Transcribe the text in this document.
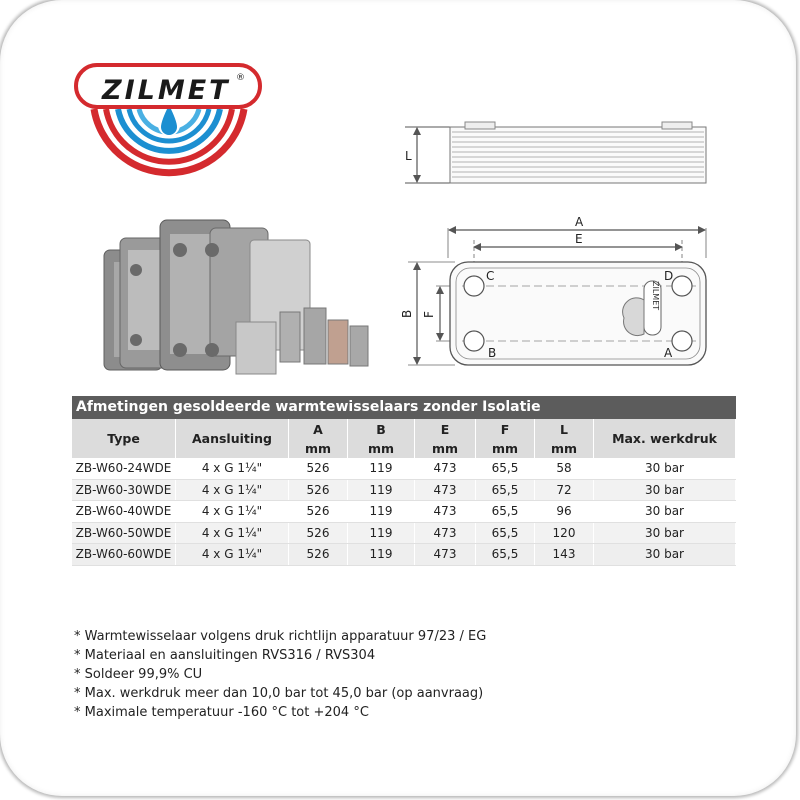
ZILMET ®
L
A
E
B F
C	D
B	A
ZILMET
Afmetingen gesoldeerde warmtewisselaars zonder Isolatie
Type	Aansluiting	A	B	E	F	L	Max. werkdruk
		mm	mm	mm	mm	mm	
ZB-W60-24WDE	4 x G 1¼"	526	119	473	65,5	58	30 bar
ZB-W60-30WDE	4 x G 1¼"	526	119	473	65,5	72	30 bar
ZB-W60-40WDE	4 x G 1¼"	526	119	473	65,5	96	30 bar
ZB-W60-50WDE	4 x G 1¼"	526	119	473	65,5	120	30 bar
ZB-W60-60WDE	4 x G 1¼"	526	119	473	65,5	143	30 bar
* Warmtewisselaar volgens druk richtlijn apparatuur 97/23 / EG
* Materiaal en aansluitingen RVS316 / RVS304
* Soldeer 99,9% CU
* Max. werkdruk meer dan 10,0 bar tot 45,0 bar (op aanvraag)
* Maximale temperatuur -160 °C tot +204 °C
